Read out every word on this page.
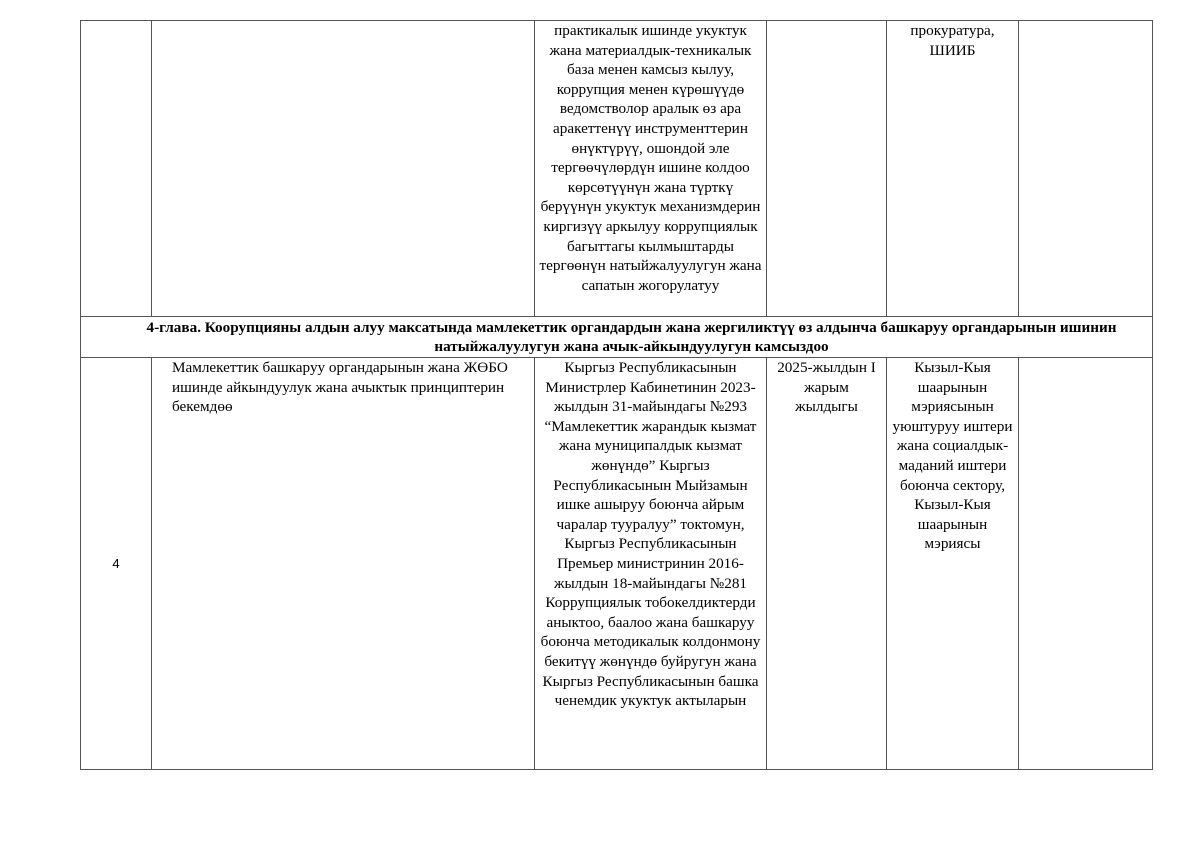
		практикалык ишинде укуктук жана материалдык-техникалык база менен камсыз кылуу, коррупция менен күрөшүүдө ведомстволор аралык өз ара аракеттенүү инструменттерин өнүктүрүү, ошондой эле тергөөчүлөрдүн ишине колдоо көрсөтүүнүн жана түрткү берүүнүн укуктук механизмдерин киргизүү аркылуу коррупциялык багыттагы кылмыштарды тергөөнүн натыйжалуулугун жана сапатын жогорулатуу		прокуратура, ШИИБ	
4-глава. Коорупцияны алдын алуу максатында мамлекеттик органдардын жана жергиликтүү өз алдынча башкаруу органдарынын ишинин натыйжалуулугун жана ачык-айкындуулугун камсыздоо					
4	Мамлекеттик башкаруу органдарынын жана ЖӨБО ишинде айкындуулук жана ачыктык принциптерин бекемдөө	Кыргыз Республикасынын Министрлер Кабинетинин 2023-жылдын 31-майындагы №293 “Мамлекеттик жарандык кызмат жана муниципалдык кызмат жөнүндө” Кыргыз Республикасынын Мыйзамын ишке ашыруу боюнча айрым чаралар тууралуу” токтомун, Кыргыз Республикасынын Премьер министринин 2016-жылдын 18-майындагы №281 Коррупциялык тобокелдиктерди аныктоо, баалоо жана башкаруу боюнча методикалык колдонмону бекитүү жөнүндө буйругун жана Кыргыз Республикасынын башка ченемдик укуктук актыларын	2025-жылдын I жарым жылдыгы	Кызыл-Кыя шаарынын мэриясынын уюштуруу иштери жана социалдык-маданий иштери боюнча сектору, Кызыл-Кыя шаарынын мэриясы	
